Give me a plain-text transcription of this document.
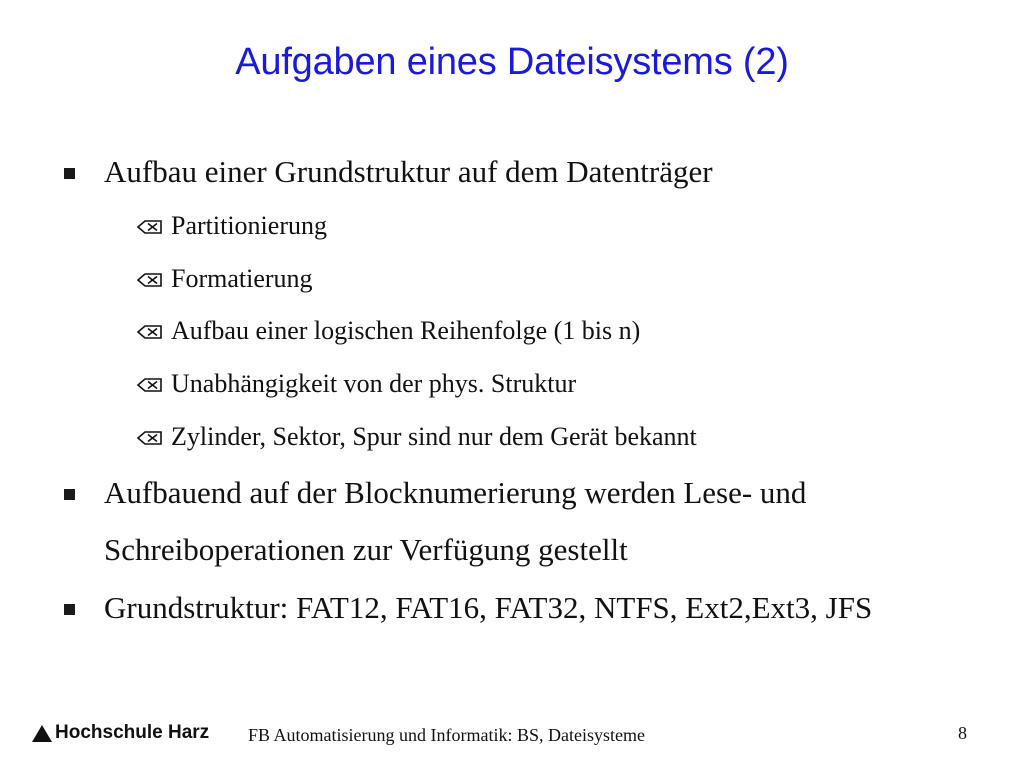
Aufgaben eines Dateisystems (2)
Aufbau einer Grundstruktur auf dem Datenträger
Partitionierung
Formatierung
Aufbau einer logischen Reihenfolge (1 bis n)
Unabhängigkeit von der phys. Struktur
Zylinder, Sektor, Spur sind nur dem Gerät bekannt
Aufbauend auf der Blocknumerierung werden Lese- und
Schreiboperationen zur Verfügung gestellt
Grundstruktur: FAT12, FAT16, FAT32, NTFS, Ext2,Ext3, JFS
Hochschule Harz FB Automatisierung und Informatik: BS, Dateisysteme	8
